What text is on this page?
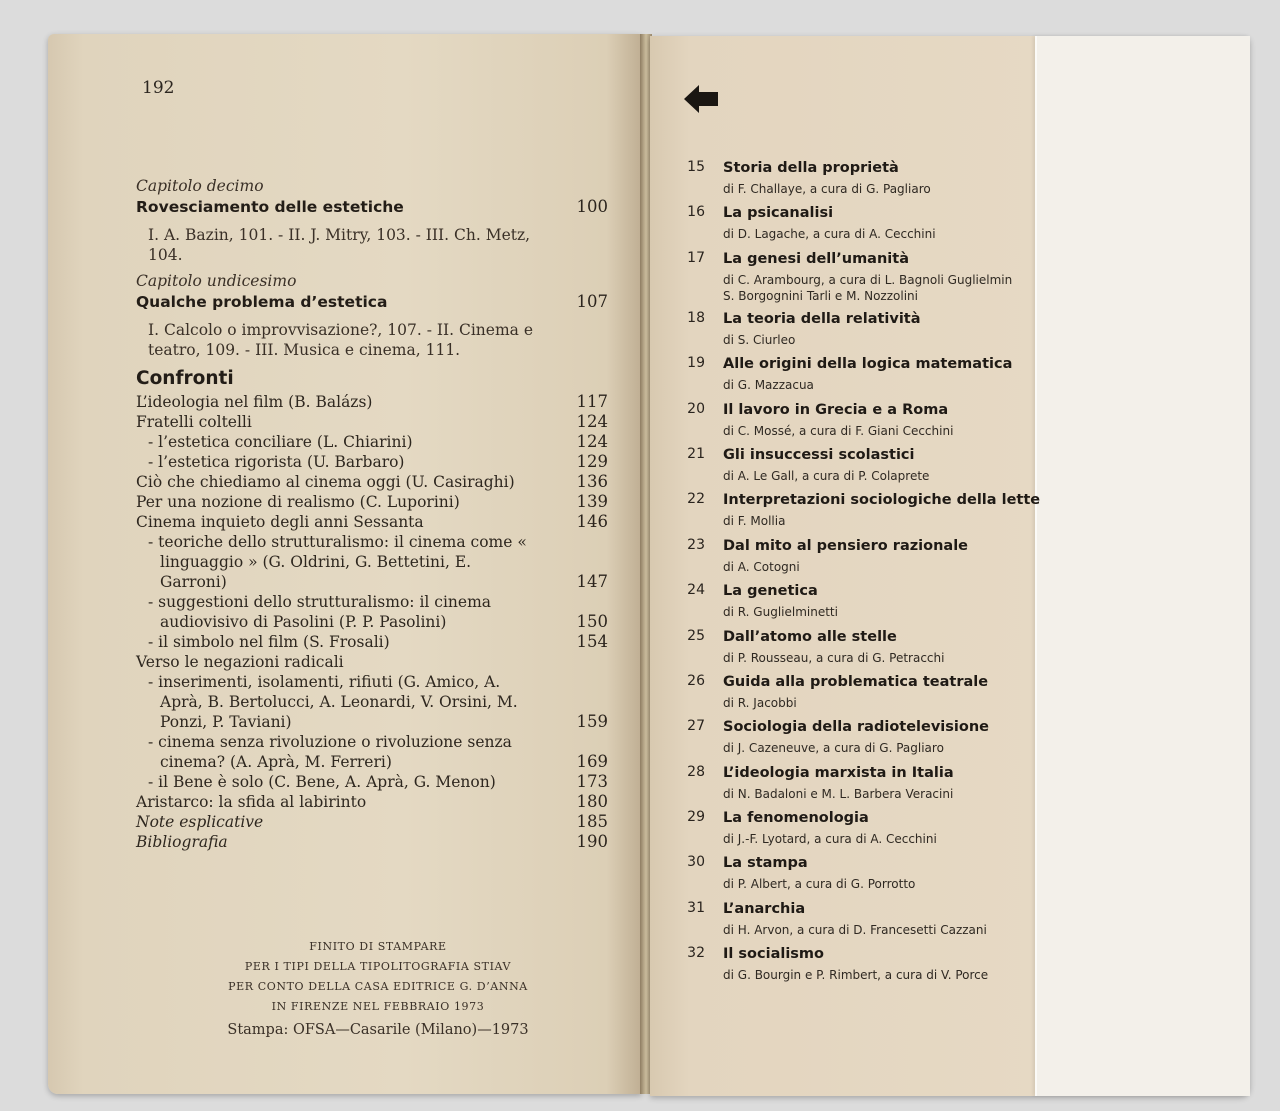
192
Capitolo decimo
Rovesciamento delle estetiche	100
I. A. Bazin, 101. - II. J. Mitry, 103. - III. Ch. Metz, 104.
Capitolo undicesimo
Qualche problema d’estetica	107
I. Calcolo o improvvisazione?, 107. - II. Cinema e teatro, 109. - III. Musica e cinema, 111.
Confronti
L’ideologia nel film (B. Balázs)	117
Fratelli coltelli	124
- l’estetica conciliare (L. Chiarini)	124
- l’estetica rigorista (U. Barbaro)	129
Ciò che chiediamo al cinema oggi (U. Casiraghi)	136
Per una nozione di realismo (C. Luporini)	139
Cinema inquieto degli anni Sessanta	146
- teoriche dello strutturalismo: il cinema come « linguaggio » (G. Oldrini, G. Bettetini, E. Garroni)	147
- suggestioni dello strutturalismo: il cinema audiovisivo di Pasolini (P. P. Pasolini)	150
- il simbolo nel film (S. Frosali)	154
Verso le negazioni radicali
- inserimenti, isolamenti, rifiuti (G. Amico, A. Aprà, B. Bertolucci, A. Leonardi, V. Orsini, M. Ponzi, P. Taviani)	159
- cinema senza rivoluzione o rivoluzione senza cinema? (A. Aprà, M. Ferreri)	169
- il Bene è solo (C. Bene, A. Aprà, G. Menon)	173
Aristarco: la sfida al labirinto	180
Note esplicative	185
Bibliografia	190
FINITO DI STAMPARE
PER I TIPI DELLA TIPOLITOGRAFIA STIAV
PER CONTO DELLA CASA EDITRICE G. D’ANNA
IN FIRENZE NEL FEBBRAIO 1973
Stampa: OFSA—Casarile (Milano)—1973
15 Storia della proprietà
di F. Challaye, a cura di G. Pagliaro
16 La psicanalisi
di D. Lagache, a cura di A. Cecchini
17 La genesi dell’umanità
di C. Arambourg, a cura di L. Bagnoli Guglielmin
S. Borgognini Tarli e M. Nozzolini
18 La teoria della relatività
di S. Ciurleo
19 Alle origini della logica matematica
di G. Mazzacua
20 Il lavoro in Grecia e a Roma
di C. Mossé, a cura di F. Giani Cecchini
21 Gli insuccessi scolastici
di A. Le Gall, a cura di P. Colaprete
22 Interpretazioni sociologiche della lette
di F. Mollia
23 Dal mito al pensiero razionale
di A. Cotogni
24 La genetica
di R. Guglielminetti
25 Dall’atomo alle stelle
di P. Rousseau, a cura di G. Petracchi
26 Guida alla problematica teatrale
di R. Jacobbi
27 Sociologia della radiotelevisione
di J. Cazeneuve, a cura di G. Pagliaro
28 L’ideologia marxista in Italia
di N. Badaloni e M. L. Barbera Veracini
29 La fenomenologia
di J.-F. Lyotard, a cura di A. Cecchini
30 La stampa
di P. Albert, a cura di G. Porrotto
31 L’anarchia
di H. Arvon, a cura di D. Francesetti Cazzani
32 Il socialismo
di G. Bourgin e P. Rimbert, a cura di V. Porce
